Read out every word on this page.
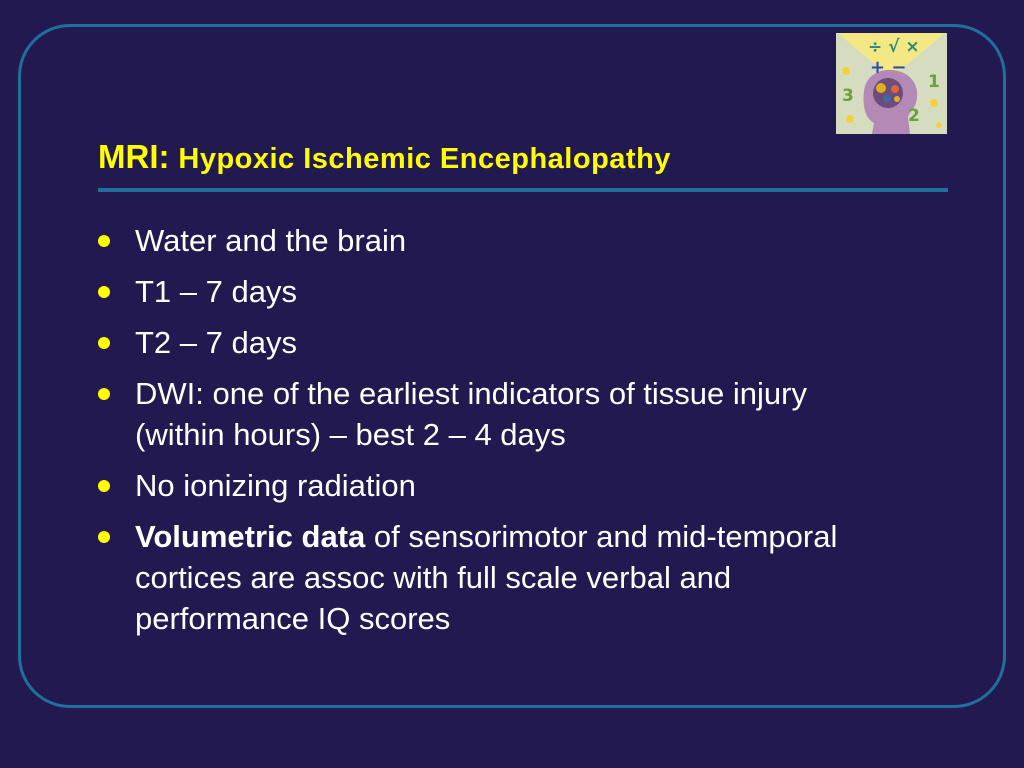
MRI: Hypoxic Ischemic Encephalopathy
÷ √ ×
+ −
3
1
2
Water and the brain
T1 – 7 days
T2 – 7 days
DWI: one of the earliest indicators of tissue injury (within hours) – best 2 – 4 days
No ionizing radiation
Volumetric data of sensorimotor and mid-temporal cortices are assoc with full scale verbal and performance IQ scores
